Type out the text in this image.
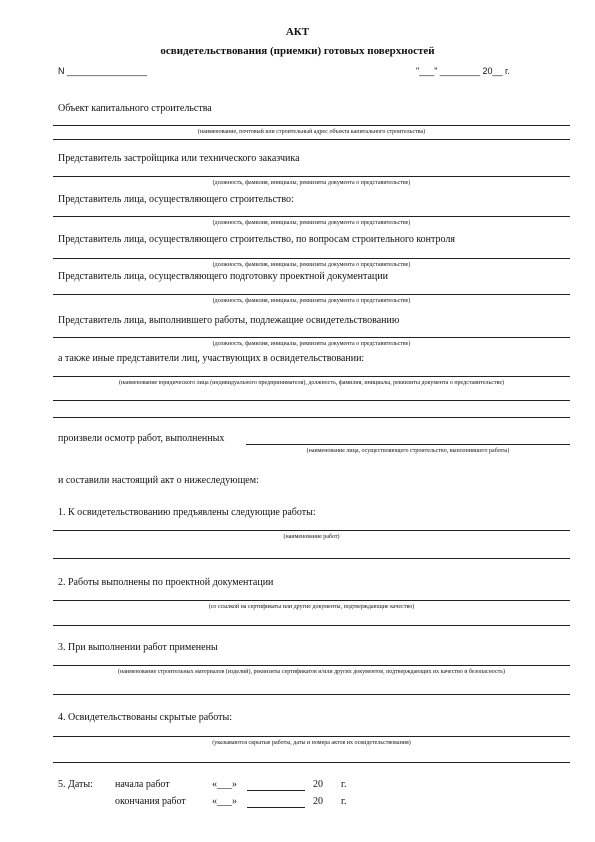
АКТ
освидетельствования (приемки) готовых поверхностей
N ________________	"___" ________ 20__ г.
Объект капитального строительства
(наименование, почтовый или строительный адрес объекта капитального строительства)
Представитель застройщика или технического заказчика
(должность, фамилия, инициалы, реквизиты документа о представительстве)
Представитель лица, осуществляющего строительство:
(должность, фамилия, инициалы, реквизиты документа о представительстве)
Представитель лица, осуществляющего строительство, по вопросам строительного контроля
(должность, фамилия, инициалы, реквизиты документа о представительстве)
Представитель лица, осуществляющего подготовку проектной документации
(должность, фамилия, инициалы, реквизиты документа о представительстве)
Представитель лица, выполнившего работы, подлежащие освидетельствованию
(должность, фамилия, инициалы, реквизиты документа о представительстве)
а также иные представители лиц, участвующих в освидетельствовании:
(наименование юридического лица (индивидуального предпринимателя), должность, фамилия, инициалы, реквизиты документа о представительстве)
произвели осмотр работ, выполненных
(наименование лица, осуществляющего строительство, выполнившего работы)
и составили настоящий акт о нижеследующем:
1. К освидетельствованию предъявлены следующие работы:
(наименование работ)
2. Работы выполнены по проектной документации
(со ссылкой на сертификаты или другие документы, подтверждающие качество)
3. При выполнении работ применены
(наименование строительных материалов (изделий), реквизиты сертификатов и/или других документов, подтверждающих их качество и безопасность)
4. Освидетельствованы скрытые работы:
(указываются скрытые работы, даты и номера актов их освидетельствования)
5. Даты: начала работ	«___»	20 г.
окончания работ	«___»	20 г.
